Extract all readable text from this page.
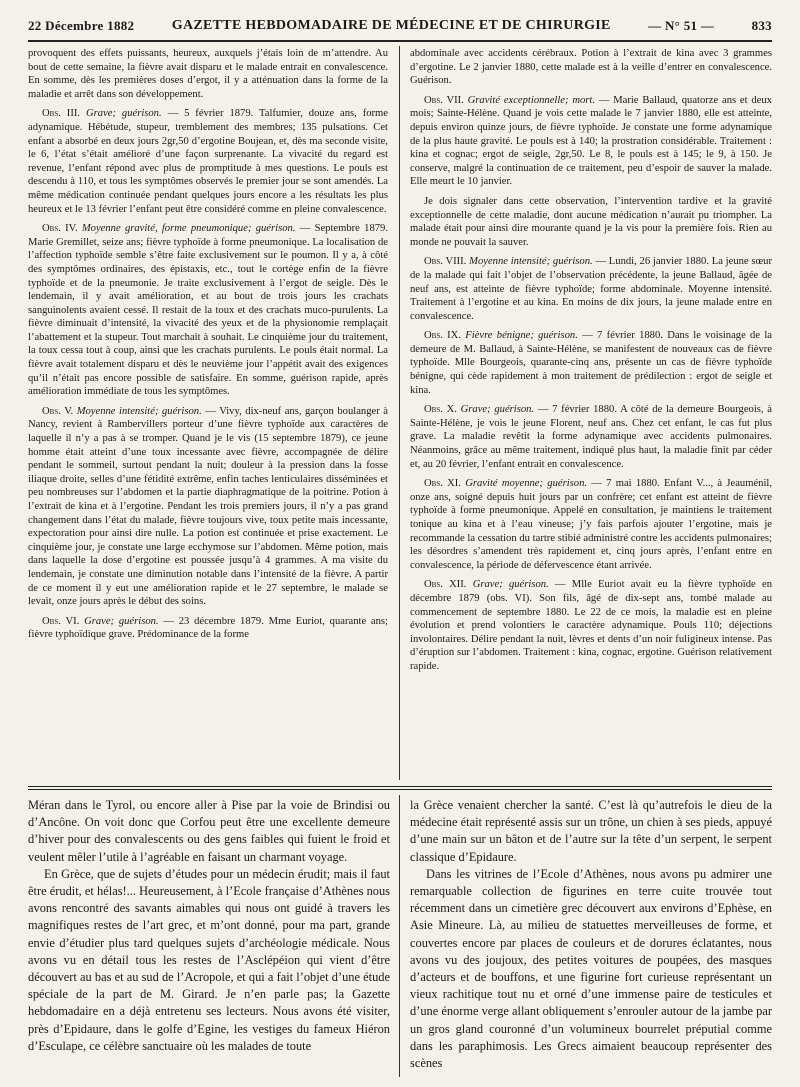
22 Décembre 1882	GAZETTE HEBDOMADAIRE DE MÉDECINE ET DE CHIRURGIE	— N° 51 —	833

provoquent des effets puissants, heureux, auxquels j’étais loin de m’attendre. Au bout de cette semaine, la fièvre avait disparu et le malade entrait en convalescence. En somme, dès les premières doses d’ergot, il y a atténuation dans la forme de la maladie et arrêt dans son développement.

Obs. III. Grave; guérison. — 5 février 1879. Talfumier, douze ans, forme adynamique. Hébétude, stupeur, tremblement des membres; 135 pulsations. Cet enfant a absorbé en deux jours 2gr,50 d’ergotine Boujean, et, dès ma seconde visite, le 6, l’état s’était amélioré d’une façon surprenante. La vivacité du regard est revenue, l’enfant répond avec plus de promptitude à mes questions. Le pouls est descendu à 110, et tous les symptômes observés le premier jour se sont amendés. La même médication continuée pendant quelques jours encore a les résultats les plus heureux et le 13 février l’enfant peut être considéré comme en pleine convalescence.

Obs. IV. Moyenne gravité, forme pneumonique; guérison. — Septembre 1879. Marie Gremillet, seize ans; fièvre typhoïde à forme pneumonique. La localisation de l’affection typhoïde semble s’être faite exclusivement sur le poumon. Il y a, à côté des symptômes ordinaires, des épistaxis, etc., tout le cortège enfin de la fièvre typhoïde et de la pneumonie. Je traite exclusivement à l’ergot de seigle. Dès le lendemain, il y avait amélioration, et au bout de trois jours les crachats sanguinolents avaient cessé. Il restait de la toux et des crachats muco-purulents. La fièvre diminuait d’intensité, la vivacité des yeux et de la physionomie remplaçait l’abattement et la stupeur. Tout marchait à souhait. Le cinquième jour du traitement, la toux cessa tout à coup, ainsi que les crachats purulents. Le pouls était normal. La fièvre avait totalement disparu et dès le neuvième jour l’appétit avait des exigences qu’il n’était pas encore possible de satisfaire. En somme, guérison rapide, après amélioration immédiate de tous les symptômes.

Obs. V. Moyenne intensité; guérison. — Vivy, dix-neuf ans, garçon boulanger à Nancy, revient à Rambervillers porteur d’une fièvre typhoïde aux caractères de laquelle il n’y a pas à se tromper. Quand je le vis (15 septembre 1879), ce jeune homme était atteint d’une toux incessante avec fièvre, accompagnée de délire pendant le sommeil, surtout pendant la nuit; douleur à la pression dans la fosse iliaque droite, selles d’une fétidité extrême, enfin taches lenticulaires disséminées et peu nombreuses sur l’abdomen et la partie diaphragmatique de la poitrine. Potion à l’extrait de kina et à l’ergotine. Pendant les trois premiers jours, il n’y a pas grand changement dans l’état du malade, fièvre toujours vive, toux petite mais incessante, expectoration pour ainsi dire nulle. La potion est continuée et prise exactement. Le cinquième jour, je constate une large ecchymose sur l’abdomen. Même potion, mais dans laquelle la dose d’ergotine est poussée jusqu’à 4 grammes. A ma visite du lendemain, je constate une diminution notable dans l’intensité de la fièvre. A partir de ce moment il y eut une amélioration rapide et le 27 septembre, le malade se levait, onze jours après le début des soins.

Obs. VI. Grave; guérison. — 23 décembre 1879. Mme Euriot, quarante ans; fièvre typhoïdique grave. Prédominance de la forme

abdominale avec accidents cérébraux. Potion à l’extrait de kina avec 3 grammes d’ergotine. Le 2 janvier 1880, cette malade est à la veille d’entrer en convalescence. Guérison.

Obs. VII. Gravité exceptionnelle; mort. — Marie Ballaud, quatorze ans et deux mois; Sainte-Hélène. Quand je vois cette malade le 7 janvier 1880, elle est atteinte, depuis environ quinze jours, de fièvre typhoïde. Je constate une forme adynamique de la plus haute gravité. Le pouls est à 140; la prostration considérable. Traitement : kina et cognac; ergot de seigle, 2gr,50. Le 8, le pouls est à 145; le 9, à 150. Je conserve, malgré la continuation de ce traitement, peu d’espoir de sauver la malade. Elle meurt le 10 janvier.

Je dois signaler dans cette observation, l’intervention tardive et la gravité exceptionnelle de cette maladie, dont aucune médication n’aurait pu triompher. La malade était pour ainsi dire mourante quand je la vis pour la première fois. Rien au monde ne pouvait la sauver.

Obs. VIII. Moyenne intensité; guérison. — Lundi, 26 janvier 1880. La jeune sœur de la malade qui fait l’objet de l’observation précédente, la jeune Ballaud, âgée de neuf ans, est atteinte de fièvre typhoïde; forme abdominale. Moyenne intensité. Traitement à l’ergotine et au kina. En moins de dix jours, la jeune malade entre en convalescence.

Obs. IX. Fièvre bénigne; guérison. — 7 février 1880. Dans le voisinage de la demeure de M. Ballaud, à Sainte-Hélène, se manifestent de nouveaux cas de fièvre typhoïde. Mlle Bourgeois, quarante-cinq ans, présente un cas de fièvre typhoïde bénigne, qui cède rapidement à mon traitement de prédilection : ergot de seigle et kina.

Obs. X. Grave; guérison. — 7 février 1880. A côté de la demeure Bourgeois, à Sainte-Hélène, je vois le jeune Florent, neuf ans. Chez cet enfant, le cas fut plus grave. La maladie revêtit la forme adynamique avec accidents pulmonaires. Néanmoins, grâce au même traitement, indiqué plus haut, la maladie finit par céder et, au 20 février, l’enfant entrait en convalescence.

Obs. XI. Gravité moyenne; guérison. — 7 mai 1880. Enfant V..., à Jeauménil, onze ans, soigné depuis huit jours par un confrère; cet enfant est atteint de fièvre typhoïde à forme pneumonique. Appelé en consultation, je maintiens le traitement tonique au kina et à l’eau vineuse; j’y fais parfois ajouter l’ergotine, mais je recommande la cessation du tartre stibié administré contre les accidents pulmonaires; les désordres s’amendent très rapidement et, cinq jours après, l’enfant entre en convalescence, la période de défervescence étant arrivée.

Obs. XII. Grave; guérison. — Mlle Euriot avait eu la fièvre typhoïde en décembre 1879 (obs. VI). Son fils, âgé de dix-sept ans, tombé malade au commencement de septembre 1880. Le 22 de ce mois, la maladie est en pleine évolution et prend volontiers le caractère adynamique. Pouls 110; déjections involontaires. Délire pendant la nuit, lèvres et dents d’un noir fuligineux intense. Pas d’éruption sur l’abdomen. Traitement : kina, cognac, ergotine. Guérison relativement rapide.

Méran dans le Tyrol, ou encore aller à Pise par la voie de Brindisi ou d’Ancône. On voit donc que Corfou peut être une excellente demeure d’hiver pour des convalescents ou des gens faibles qui fuient le froid et veulent mêler l’utile à l’agréable en faisant un charmant voyage.

En Grèce, que de sujets d’études pour un médecin érudit; mais il faut être érudit, et hélas!... Heureusement, à l’Ecole française d’Athènes nous avons rencontré des savants aimables qui nous ont guidé à travers les magnifiques restes de l’art grec, et m’ont donné, pour ma part, grande envie d’étudier plus tard quelques sujets d’archéologie médicale. Nous avons vu en détail tous les restes de l’Asclépéion qui vient d’être découvert au bas et au sud de l’Acropole, et qui a fait l’objet d’une étude spéciale de la part de M. Girard. Je n’en parle pas; la Gazette hebdomadaire en a déjà entretenu ses lecteurs. Nous avons été visiter, près d’Epidaure, dans le golfe d’Egine, les vestiges du fameux Hiéron d’Esculape, ce célèbre sanctuaire où les malades de toute

la Grèce venaient chercher la santé. C’est là qu’autrefois le dieu de la médecine était représenté assis sur un trône, un chien à ses pieds, appuyé d’une main sur un bâton et de l’autre sur la tête d’un serpent, le serpent classique d’Epidaure.

Dans les vitrines de l’Ecole d’Athènes, nous avons pu admirer une remarquable collection de figurines en terre cuite trouvée tout récemment dans un cimetière grec découvert aux environs d’Ephèse, en Asie Mineure. Là, au milieu de statuettes merveilleuses de forme, et couvertes encore par places de couleurs et de dorures éclatantes, nous avons vu des joujoux, des petites voitures de poupées, des masques d’acteurs et de bouffons, et une figurine fort curieuse représentant un vieux rachitique tout nu et orné d’une immense paire de testicules et d’une énorme verge allant obliquement s’enrouler autour de la jambe par un gros gland couronné d’un volumineux bourrelet préputial comme dans les paraphimosis. Les Grecs aimaient beaucoup représenter des scènes
